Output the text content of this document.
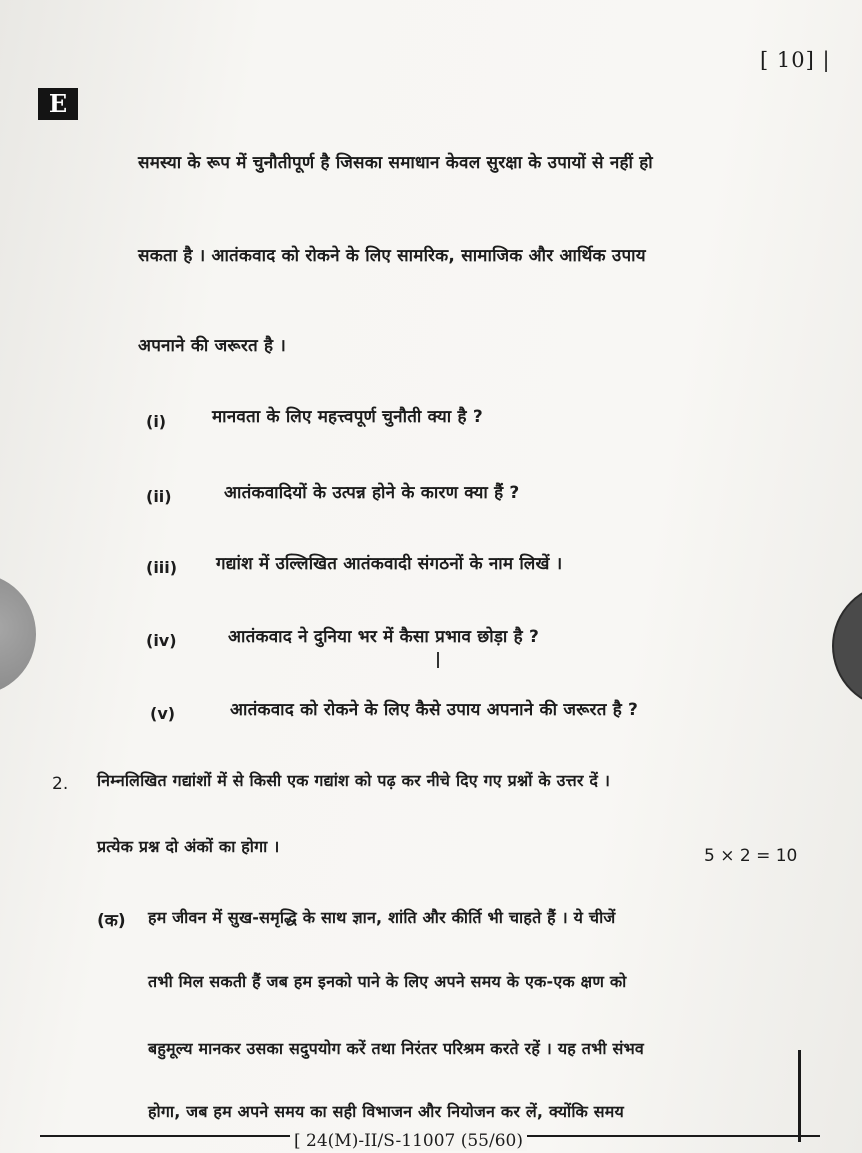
[ 10] |
E
समस्या के रूप में चुनौतीपूर्ण है जिसका समाधान केवल सुरक्षा के उपायों से नहीं हो
सकता है । आतंकवाद को रोकने के लिए सामरिक, सामाजिक और आर्थिक उपाय
अपनाने की जरूरत है ।
(i)	मानवता के लिए महत्त्वपूर्ण चुनौती क्या है ?
(ii)	आतंकवादियों के उत्पन्न होने के कारण क्या हैं ?
(iii) गद्यांश में उल्लिखित आतंकवादी संगठनों के नाम लिखें ।
(iv)	आतंकवाद ने दुनिया भर में कैसा प्रभाव छोड़ा है ?
(v)	आतंकवाद को रोकने के लिए कैसे उपाय अपनाने की जरूरत है ?
2. निम्नलिखित गद्यांशों में से किसी एक गद्यांश को पढ़ कर नीचे दिए गए प्रश्नों के उत्तर दें ।
प्रत्येक प्रश्न दो अंकों का होगा ।	5 × 2 = 10
(क) हम जीवन में सुख-समृद्धि के साथ ज्ञान, शांति और कीर्ति भी चाहते हैं । ये चीजें
तभी मिल सकती हैं जब हम इनको पाने के लिए अपने समय के एक-एक क्षण को
बहुमूल्य मानकर उसका सदुपयोग करें तथा निरंतर परिश्रम करते रहें । यह तभी संभव
होगा, जब हम अपने समय का सही विभाजन और नियोजन कर लें, क्योंकि समय
[ 24(M)-II/S-11007 (55/60)
